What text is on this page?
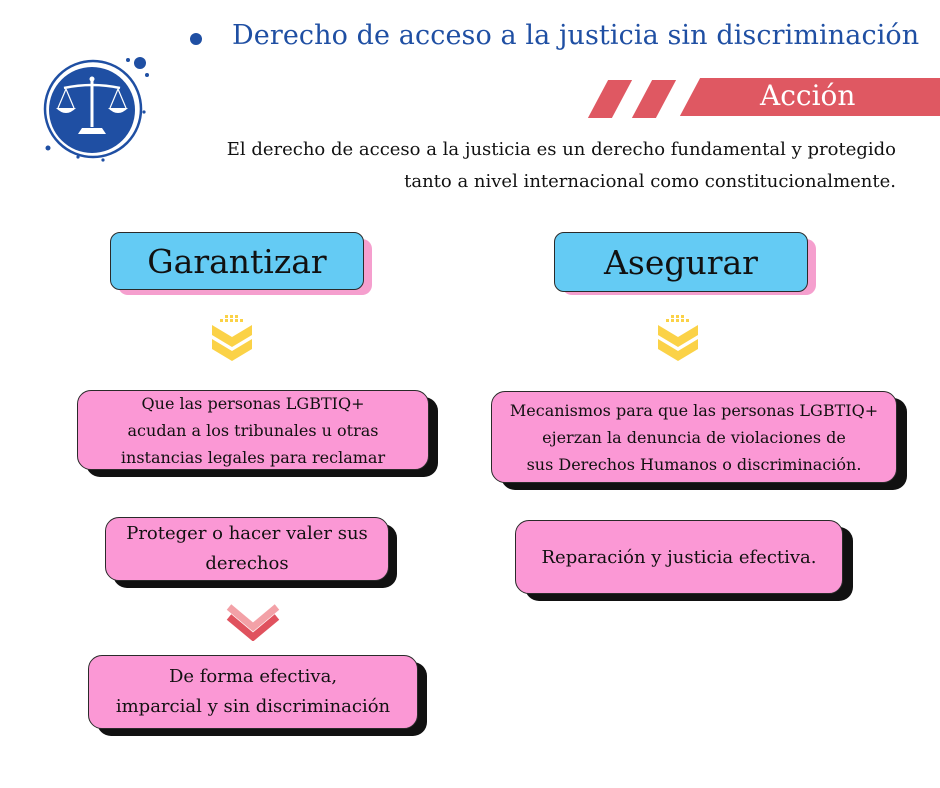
Derecho de acceso a la justicia sin discriminación
Acción
El derecho de acceso a la justicia es un derecho fundamental y protegido
tanto a nivel internacional como constitucionalmente.
Garantizar
Que las personas LGBTIQ+
acudan a los tribunales u otras
instancias legales para reclamar
Proteger o hacer valer sus
derechos
De forma efectiva,
imparcial y sin discriminación
Asegurar
Mecanismos para que las personas LGBTIQ+
ejerzan la denuncia de violaciones de
sus Derechos Humanos o discriminación.
Reparación y justicia efectiva.
